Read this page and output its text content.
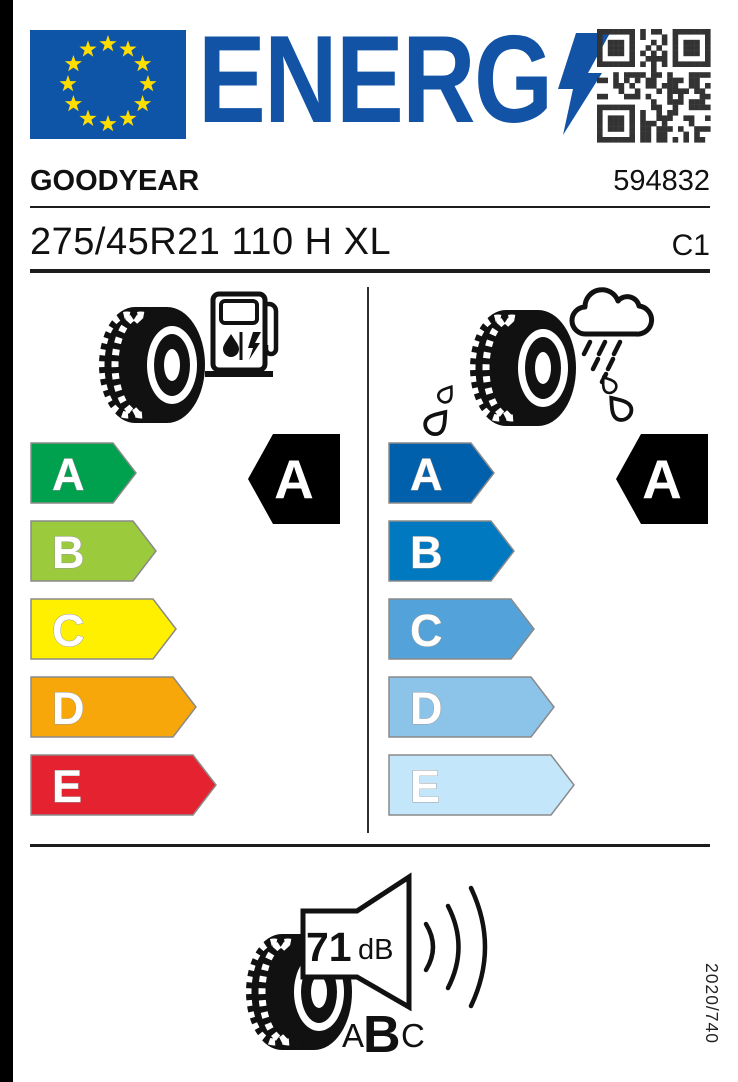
ENERG
GOODYEAR	594832
275/45R21 110 H XL	C1
A
B
C
D
E
A A
B
C
D
E
A
71 dB
A
B C	2020/740
